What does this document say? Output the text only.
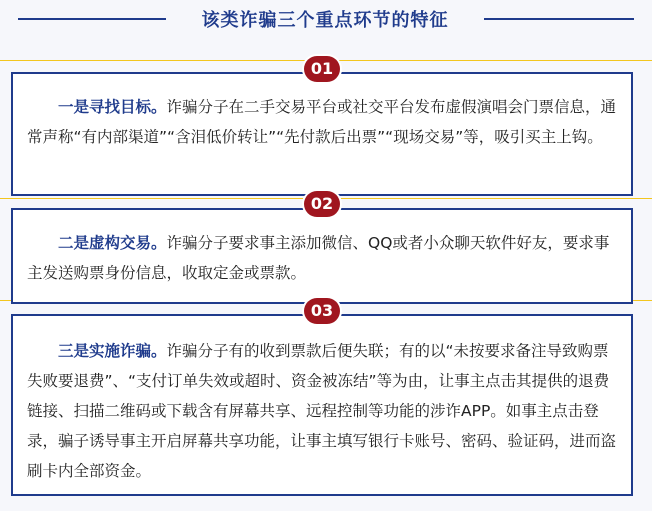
该类诈骗三个重点环节的特征

一是寻找目标。诈骗分子在二手交易平台或社交平台发布虚假演唱会门票信息，通常声称“有内部渠道”“含泪低价转让”“先付款后出票”“现场交易”等，吸引买主上钩。

01

二是虚构交易。诈骗分子要求事主添加微信、QQ或者小众聊天软件好友，要求事主发送购票身份信息，收取定金或票款。

02

三是实施诈骗。诈骗分子有的收到票款后便失联；有的以“未按要求备注导致购票失败要退费”、“支付订单失效或超时、资金被冻结”等为由，让事主点击其提供的退费链接、扫描二维码或下载含有屏幕共享、远程控制等功能的涉诈APP。如事主点击登录，骗子诱导事主开启屏幕共享功能，让事主填写银行卡账号、密码、验证码，进而盗刷卡内全部资金。

03
